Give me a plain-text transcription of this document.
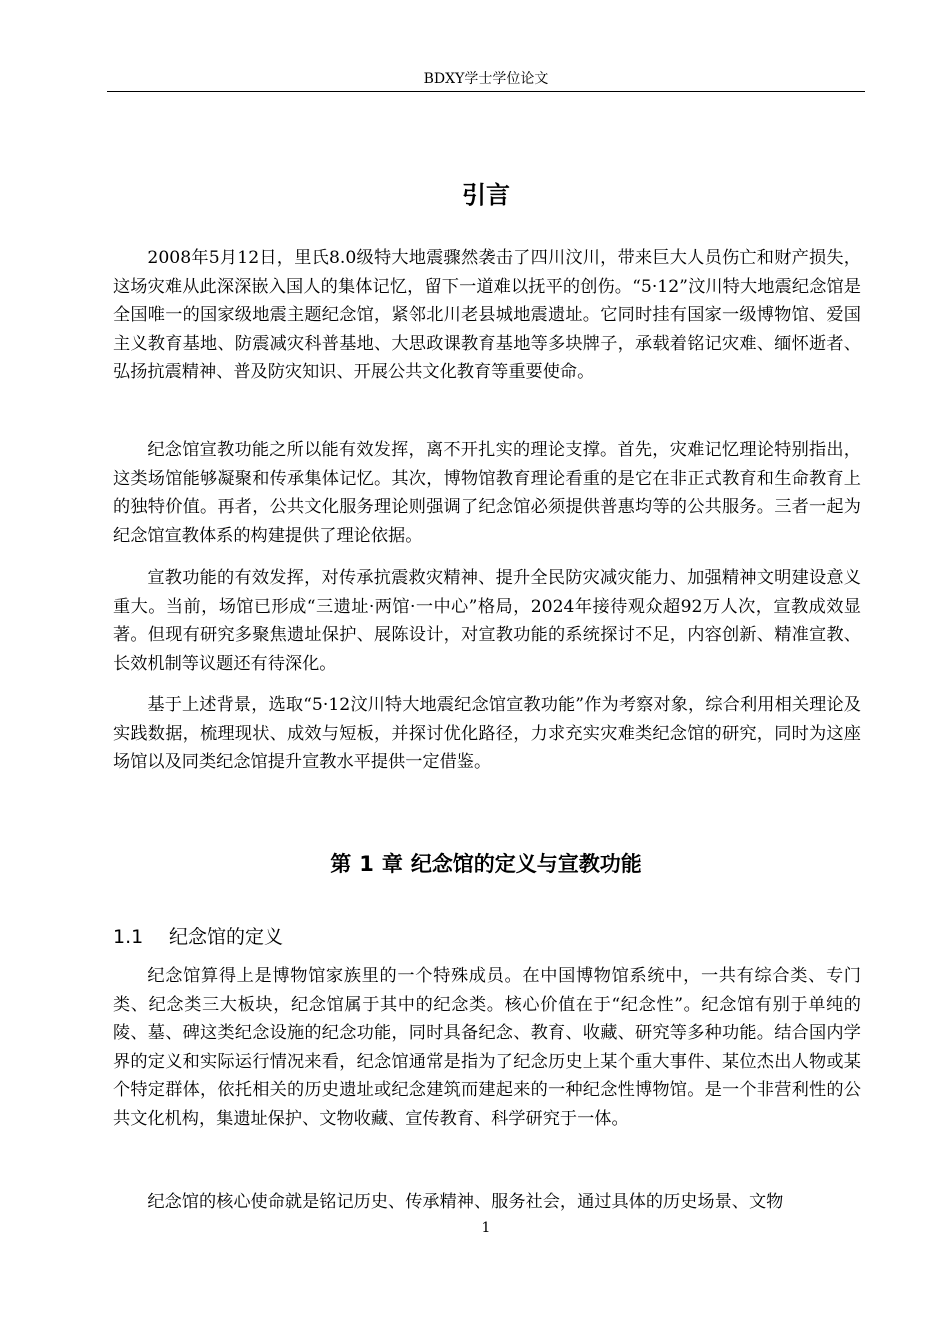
BDXY学士学位论文
引言

2008年5月12日，里氏8.0级特大地震骤然袭击了四川汶川，带来巨大人员伤亡和财产损失，这场灾难从此深深嵌入国人的集体记忆，留下一道难以抚平的创伤。“5·12”汶川特大地震纪念馆是全国唯一的国家级地震主题纪念馆，紧邻北川老县城地震遗址。它同时挂有国家一级博物馆、爱国主义教育基地、防震减灾科普基地、大思政课教育基地等多块牌子，承载着铭记灾难、缅怀逝者、弘扬抗震精神、普及防灾知识、开展公共文化教育等重要使命。

纪念馆宣教功能之所以能有效发挥，离不开扎实的理论支撑。首先，灾难记忆理论特别指出，这类场馆能够凝聚和传承集体记忆。其次，博物馆教育理论看重的是它在非正式教育和生命教育上的独特价值。再者，公共文化服务理论则强调了纪念馆必须提供普惠均等的公共服务。三者一起为纪念馆宣教体系的构建提供了理论依据。

宣教功能的有效发挥，对传承抗震救灾精神、提升全民防灾减灾能力、加强精神文明建设意义重大。当前，场馆已形成“三遗址·两馆·一中心”格局，2024年接待观众超92万人次，宣教成效显著。但现有研究多聚焦遗址保护、展陈设计，对宣教功能的系统探讨不足，内容创新、精准宣教、长效机制等议题还有待深化。

基于上述背景，选取“5·12汶川特大地震纪念馆宣教功能”作为考察对象，综合利用相关理论及实践数据，梳理现状、成效与短板，并探讨优化路径，力求充实灾难类纪念馆的研究，同时为这座场馆以及同类纪念馆提升宣教水平提供一定借鉴。

第 1 章 纪念馆的定义与宣教功能
1.1 纪念馆的定义

纪念馆算得上是博物馆家族里的一个特殊成员。在中国博物馆系统中，一共有综合类、专门类、纪念类三大板块，纪念馆属于其中的纪念类。核心价值在于“纪念性”。纪念馆有别于单纯的陵、墓、碑这类纪念设施的纪念功能，同时具备纪念、教育、收藏、研究等多种功能。结合国内学界的定义和实际运行情况来看，纪念馆通常是指为了纪念历史上某个重大事件、某位杰出人物或某个特定群体，依托相关的历史遗址或纪念建筑而建起来的一种纪念性博物馆。是一个非营利性的公共文化机构，集遗址保护、文物收藏、宣传教育、科学研究于一体。

纪念馆的核心使命就是铭记历史、传承精神、服务社会，通过具体的历史场景、文物

1
